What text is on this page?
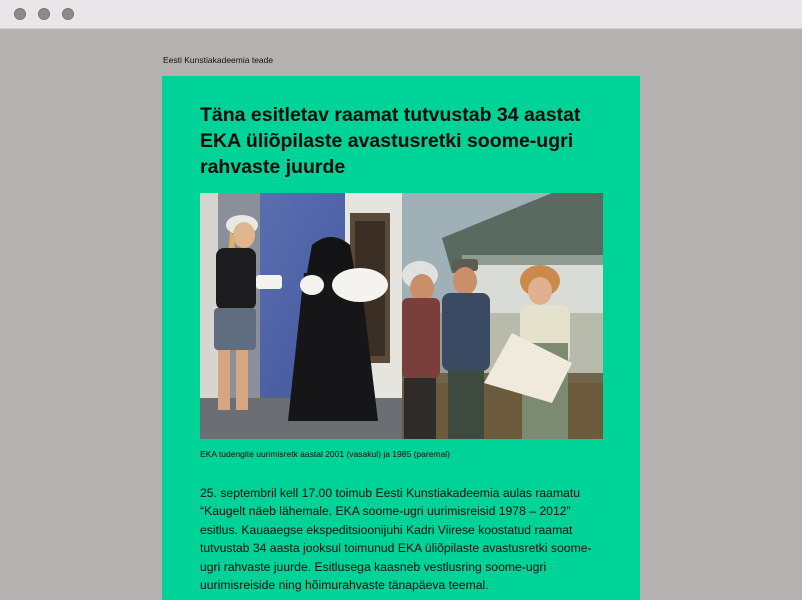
Eesti Kunstiakadeemia teade
Täna esitletav raamat tutvustab 34 aastat EKA üliõpilaste avastusretki soome-ugri rahvaste juurde
EKA tudengite uurimisretk aastal 2001 (vasakul) ja 1985 (paremal)

25. septembril kell 17.00 toimub Eesti Kunstiakadeemia aulas raamatu “Kaugelt näeb lähemale. EKA soome-ugri uurimisreisid 1978 – 2012” esitlus. Kauaaegse ekspeditsioonijuhi Kadri Viirese koostatud raamat tutvustab 34 aasta jooksul toimunud EKA üliõpilaste avastusretki soome-ugri rahvaste juurde. Esitlusega kaasneb vestlusring soome-ugri uurimisreiside ning hõimurahvaste tänapäeva teemal.
